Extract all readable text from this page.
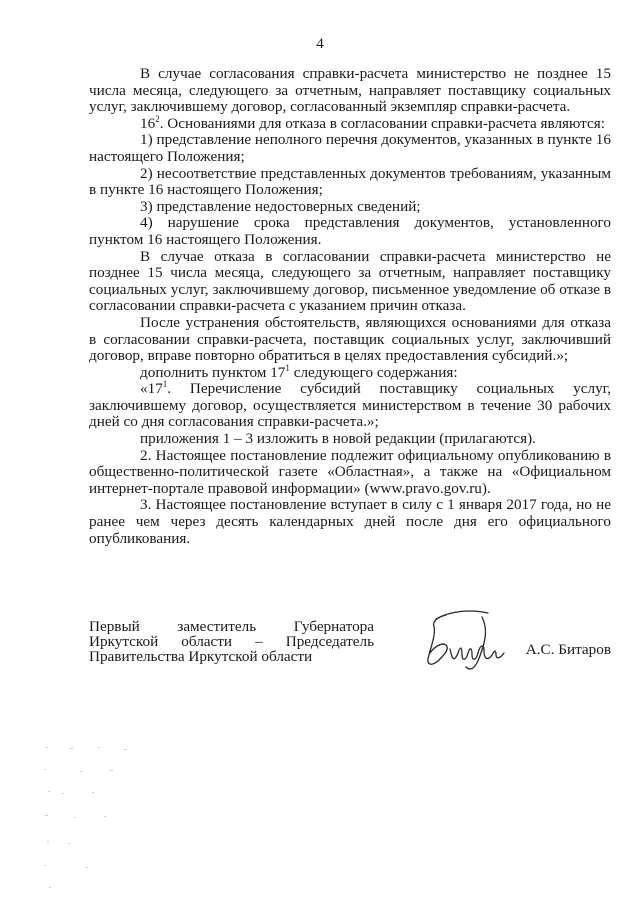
4

В случае согласования справки-расчета министерство не позднее 15 числа месяца, следующего за отчетным, направляет поставщику социальных услуг, заключившему договор, согласованный экземпляр справки-расчета.

$16^2$. Основаниями для отказа в согласовании справки-расчета являются:

1) представление неполного перечня документов, указанных в пункте 16 настоящего Положения;

2) несоответствие представленных документов требованиям, указанным в пункте 16 настоящего Положения;

3) представление недостоверных сведений;

4) нарушение срока представления документов, установленного пунктом 16 настоящего Положения.

В случае отказа в согласовании справки-расчета министерство не позднее 15 числа месяца, следующего за отчетным, направляет поставщику социальных услуг, заключившему договор, письменное уведомление об отказе в согласовании справки-расчета с указанием причин отказа.

После устранения обстоятельств, являющихся основаниями для отказа в согласовании справки-расчета, поставщик социальных услуг, заключивший договор, вправе повторно обратиться в целях предоставления субсидий.»;

дополнить пунктом $17^1$ следующего содержания:

«$17^1$. Перечисление субсидий поставщику социальных услуг, заключившему договор, осуществляется министерством в течение 30 рабочих дней со дня согласования справки-расчета.»;

приложения 1 – 3 изложить в новой редакции (прилагаются).

2. Настоящее постановление подлежит официальному опубликованию в общественно-политической газете «Областная», а также на «Официальном интернет-портале правовой информации» (www.pravo.gov.ru).

3. Настоящее постановление вступает в силу с 1 января 2017 года, но не ранее чем через десять календарных дней после дня его официального опубликования.

Первый заместитель Губернатора
Иркутской области – Председатель
Правительства Иркутской области	А.С. Битаров
